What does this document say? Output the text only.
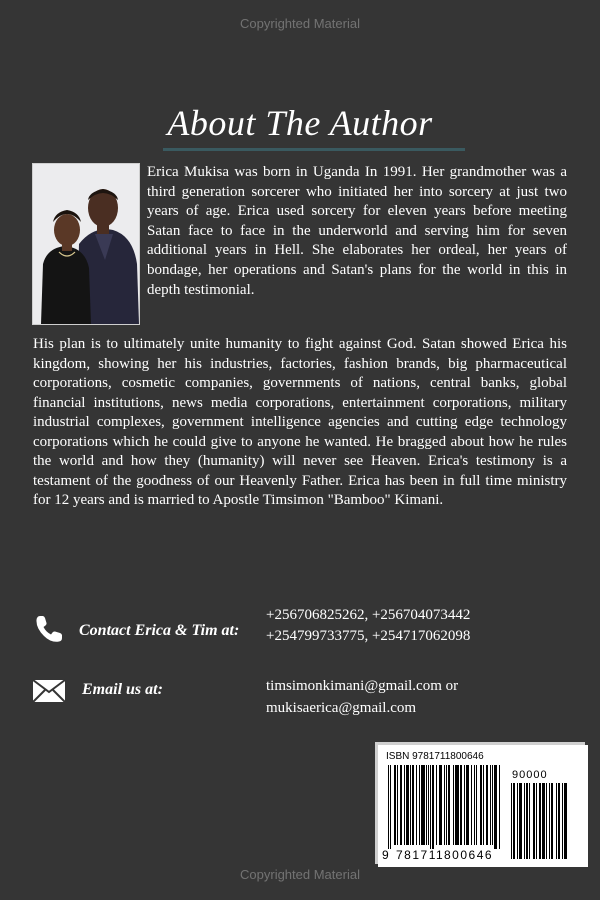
Copyrighted Material
About The Author

Erica Mukisa was born in Uganda In 1991. Her grandmother was a third generation sorcerer who initiated her into sorcery at just two years of age. Erica used sorcery for eleven years before meeting Satan face to face in the underworld and serving him for seven additional years in Hell. She elaborates her ordeal, her years of bondage, her operations and Satan's plans for the world in this in depth testimonial.

His plan is to ultimately unite humanity to fight against God. Satan showed Erica his kingdom, showing her his industries, factories, fashion brands, big pharmaceutical corporations, cosmetic companies, governments of nations, central banks, global financial institutions, news media corporations, entertainment corporations, military industrial complexes, government intelligence agencies and cutting edge technology corporations which he could give to anyone he wanted. He bragged about how he rules the world and how they (humanity) will never see Heaven. Erica's testimony is a testament of the goodness of our Heavenly Father. Erica has been in full time ministry for 12 years and is married to Apostle Timsimon "Bamboo" Kimani.

Contact Erica & Tim at:
+256706825262, +256704073442
+254799733775, +254717062098
Email us at:	timsimonkimani@gmail.com or
mukisaerica@gmail.com
ISBN 9781711800646
90000
9 781711 800646
Copyrighted Material
